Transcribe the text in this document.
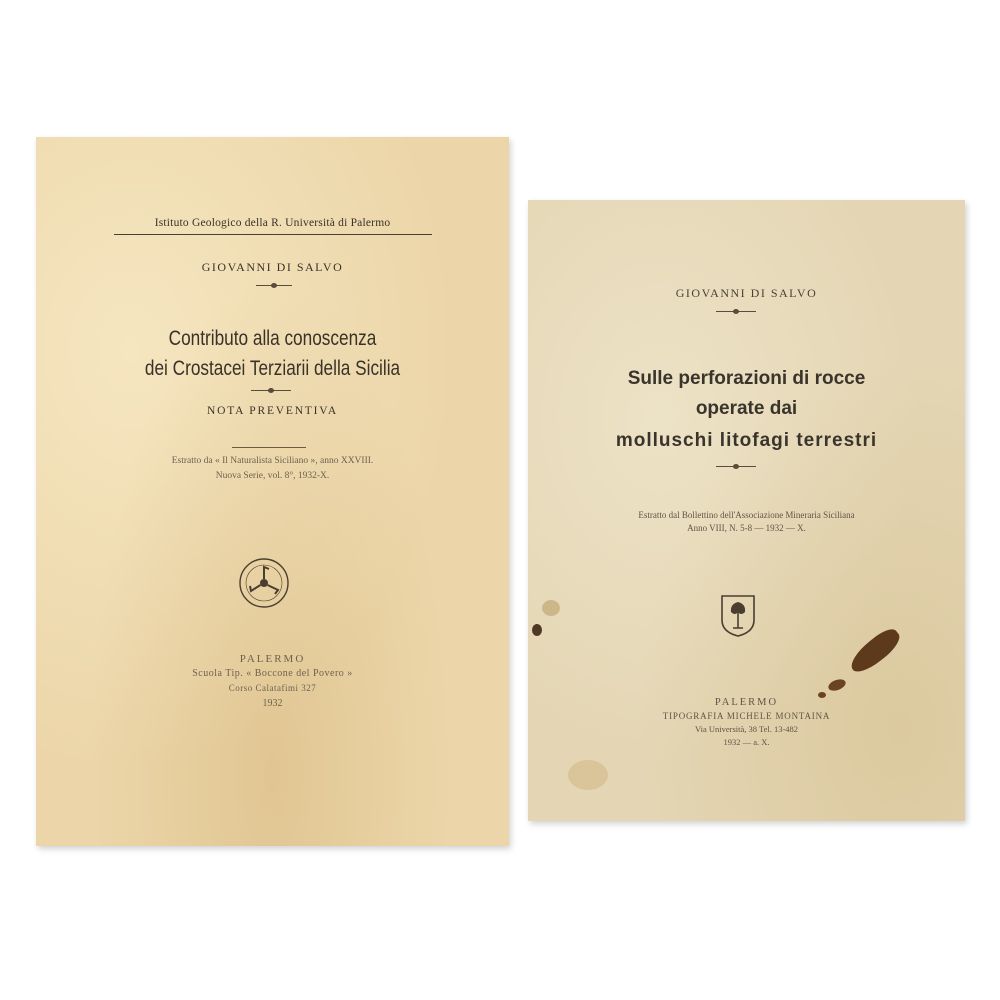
Istituto Geologico della R. Università di Palermo
GIOVANNI DI SALVO
Contributo alla conoscenza
dei Crostacei Terziarii della Sicilia
NOTA PREVENTIVA
Estratto da « Il Naturalista Siciliano », anno XXVIII.
Nuova Serie, vol. 8°, 1932-X.
PALERMO
Scuola Tip. « Boccone del Povero »
Corso Calatafimi 327
1932
GIOVANNI DI SALVO
Sulle perforazioni di rocce
operate dai
molluschi litofagi terrestri
Estratto dal Bollettino dell'Associazione Mineraria Siciliana
Anno VIII, N. 5-8 — 1932 — X.
PALERMO
TIPOGRAFIA MICHELE MONTAINA
Via Università, 38 Tel. 13-482
1932 — a. X.
